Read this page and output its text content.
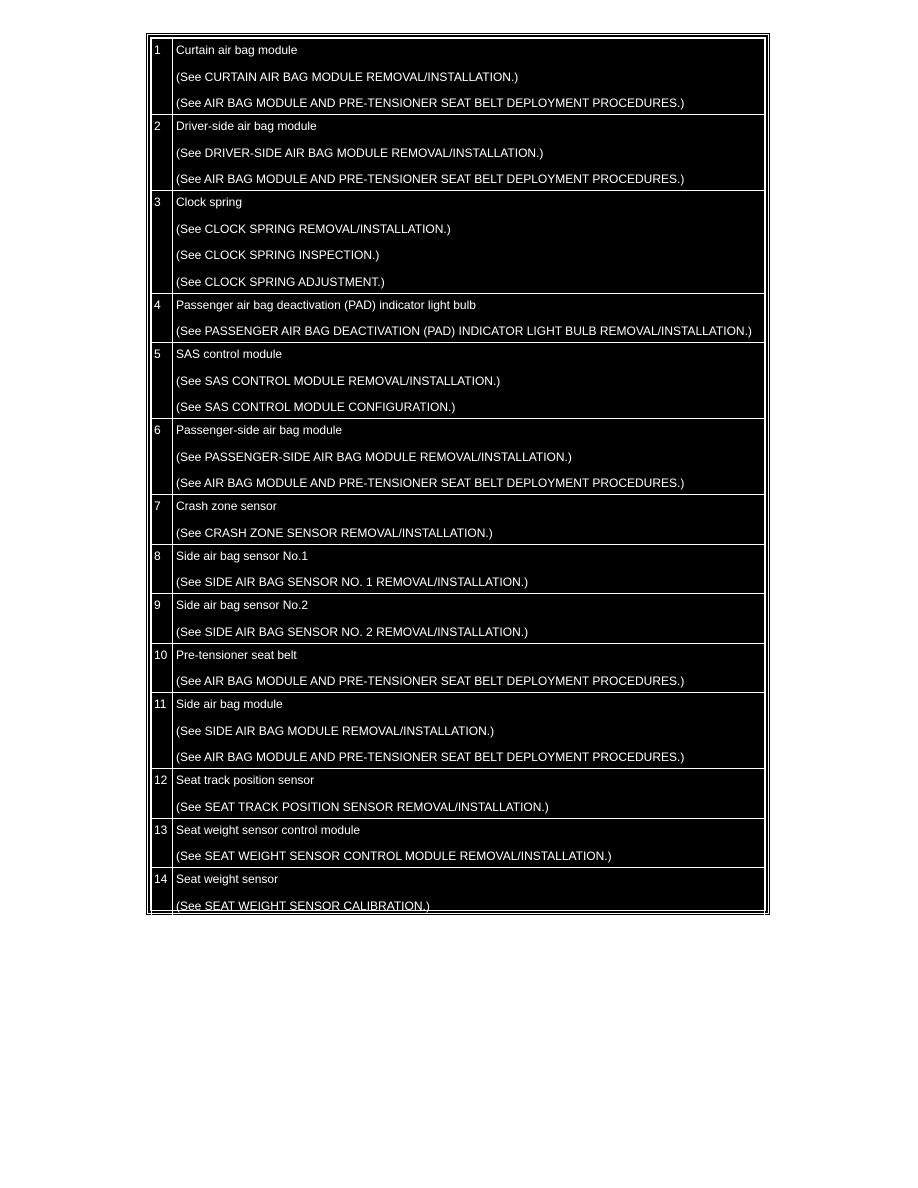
1	Curtain air bag module
(See CURTAIN AIR BAG MODULE REMOVAL/INSTALLATION.)
(See AIR BAG MODULE AND PRE-TENSIONER SEAT BELT DEPLOYMENT PROCEDURES.)

2	Driver-side air bag module
(See DRIVER-SIDE AIR BAG MODULE REMOVAL/INSTALLATION.)
(See AIR BAG MODULE AND PRE-TENSIONER SEAT BELT DEPLOYMENT PROCEDURES.)

3	Clock spring
(See CLOCK SPRING REMOVAL/INSTALLATION.)
(See CLOCK SPRING INSPECTION.)
(See CLOCK SPRING ADJUSTMENT.)

4	Passenger air bag deactivation (PAD) indicator light bulb
(See PASSENGER AIR BAG DEACTIVATION (PAD) INDICATOR LIGHT BULB REMOVAL/INSTALLATION.)

5	SAS control module
(See SAS CONTROL MODULE REMOVAL/INSTALLATION.)
(See SAS CONTROL MODULE CONFIGURATION.)

6	Passenger-side air bag module
(See PASSENGER-SIDE AIR BAG MODULE REMOVAL/INSTALLATION.)
(See AIR BAG MODULE AND PRE-TENSIONER SEAT BELT DEPLOYMENT PROCEDURES.)

7	Crash zone sensor
(See CRASH ZONE SENSOR REMOVAL/INSTALLATION.)

8	Side air bag sensor No.1
(See SIDE AIR BAG SENSOR NO. 1 REMOVAL/INSTALLATION.)

9	Side air bag sensor No.2
(See SIDE AIR BAG SENSOR NO. 2 REMOVAL/INSTALLATION.)

10	Pre-tensioner seat belt
(See AIR BAG MODULE AND PRE-TENSIONER SEAT BELT DEPLOYMENT PROCEDURES.)

11	Side air bag module
(See SIDE AIR BAG MODULE REMOVAL/INSTALLATION.)
(See AIR BAG MODULE AND PRE-TENSIONER SEAT BELT DEPLOYMENT PROCEDURES.)

12	Seat track position sensor
(See SEAT TRACK POSITION SENSOR REMOVAL/INSTALLATION.)

13	Seat weight sensor control module
(See SEAT WEIGHT SENSOR CONTROL MODULE REMOVAL/INSTALLATION.)

14	Seat weight sensor
(See SEAT WEIGHT SENSOR CALIBRATION.)
(See SEAT WEIGHT SENSOR INSPECTION.)
